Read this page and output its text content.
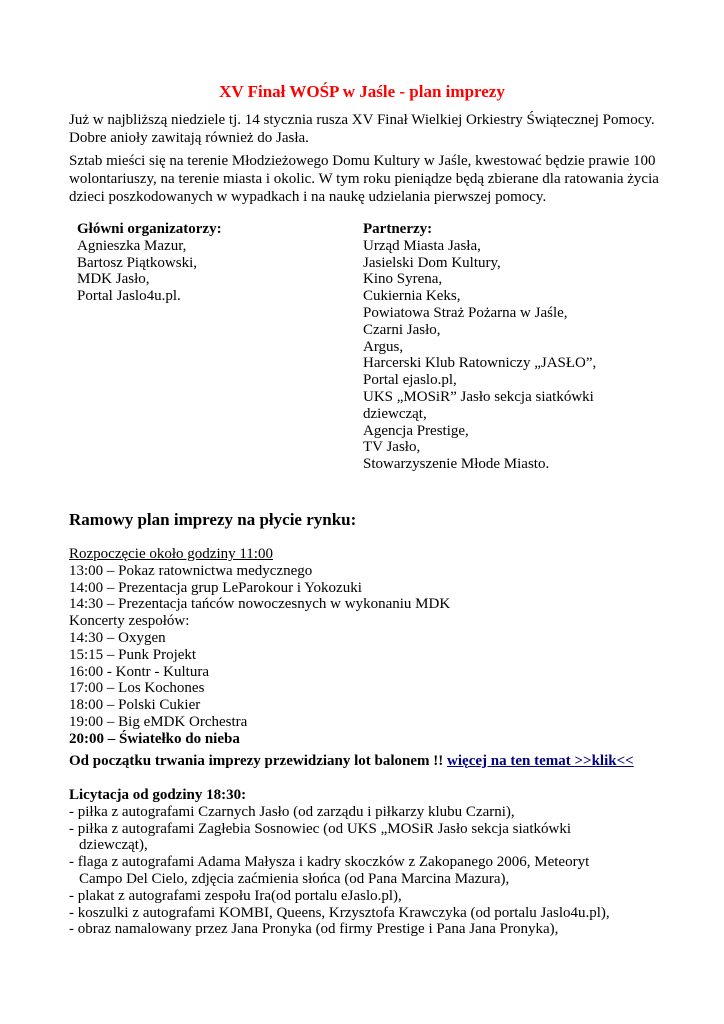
XV Finał WOŚP w Jaśle - plan imprezy
Już w najbliższą niedziele tj. 14 stycznia rusza XV Finał Wielkiej Orkiestry Świątecznej Pomocy.
Dobre anioły zawitają również do Jasła.
Sztab mieści się na terenie Młodzieżowego Domu Kultury w Jaśle, kwestować będzie prawie 100
wolontariuszy, na terenie miasta i okolic. W tym roku pieniądze będą zbierane dla ratowania życia
dzieci poszkodowanych w wypadkach i na naukę udzielania pierwszej pomocy.
Główni organizatorzy:
Agnieszka Mazur,
Bartosz Piątkowski,
MDK Jasło,
Portal Jaslo4u.pl.
Partnerzy:
Urząd Miasta Jasła,
Jasielski Dom Kultury,
Kino Syrena,
Cukiernia Keks,
Powiatowa Straż Pożarna w Jaśle,
Czarni Jasło,
Argus,
Harcerski Klub Ratowniczy „JASŁO”,
Portal ejaslo.pl,
UKS „MOSiR” Jasło sekcja siatkówki
dziewcząt,
Agencja Prestige,
TV Jasło,
Stowarzyszenie Młode Miasto.
Ramowy plan imprezy na płycie rynku:
Rozpoczęcie około godziny 11:00
13:00 – Pokaz ratownictwa medycznego
14:00 – Prezentacja grup LeParokour i Yokozuki
14:30 – Prezentacja tańców nowoczesnych w wykonaniu MDK
Koncerty zespołów:
14:30 – Oxygen
15:15 – Punk Projekt
16:00 - Kontr - Kultura
17:00 – Los Kochones
18:00 – Polski Cukier
19:00 – Big eMDK Orchestra
20:00 – Światełko do nieba
Od początku trwania imprezy przewidziany lot balonem !! więcej na ten temat >>klik<<
Licytacja od godziny 18:30:
- piłka z autografami Czarnych Jasło (od zarządu i piłkarzy klubu Czarni),
- piłka z autografami Zagłebia Sosnowiec (od UKS „MOSiR Jasło sekcja siatkówki
dziewcząt),
- flaga z autografami Adama Małysza i kadry skoczków z Zakopanego 2006, Meteoryt
Campo Del Cielo, zdjęcia zaćmienia słońca (od Pana Marcina Mazura),
- plakat z autografami zespołu Ira(od portalu eJaslo.pl),
- koszulki z autografami KOMBI, Queens, Krzysztofa Krawczyka (od portalu Jaslo4u.pl),
- obraz namalowany przez Jana Pronyka (od firmy Prestige i Pana Jana Pronyka),
